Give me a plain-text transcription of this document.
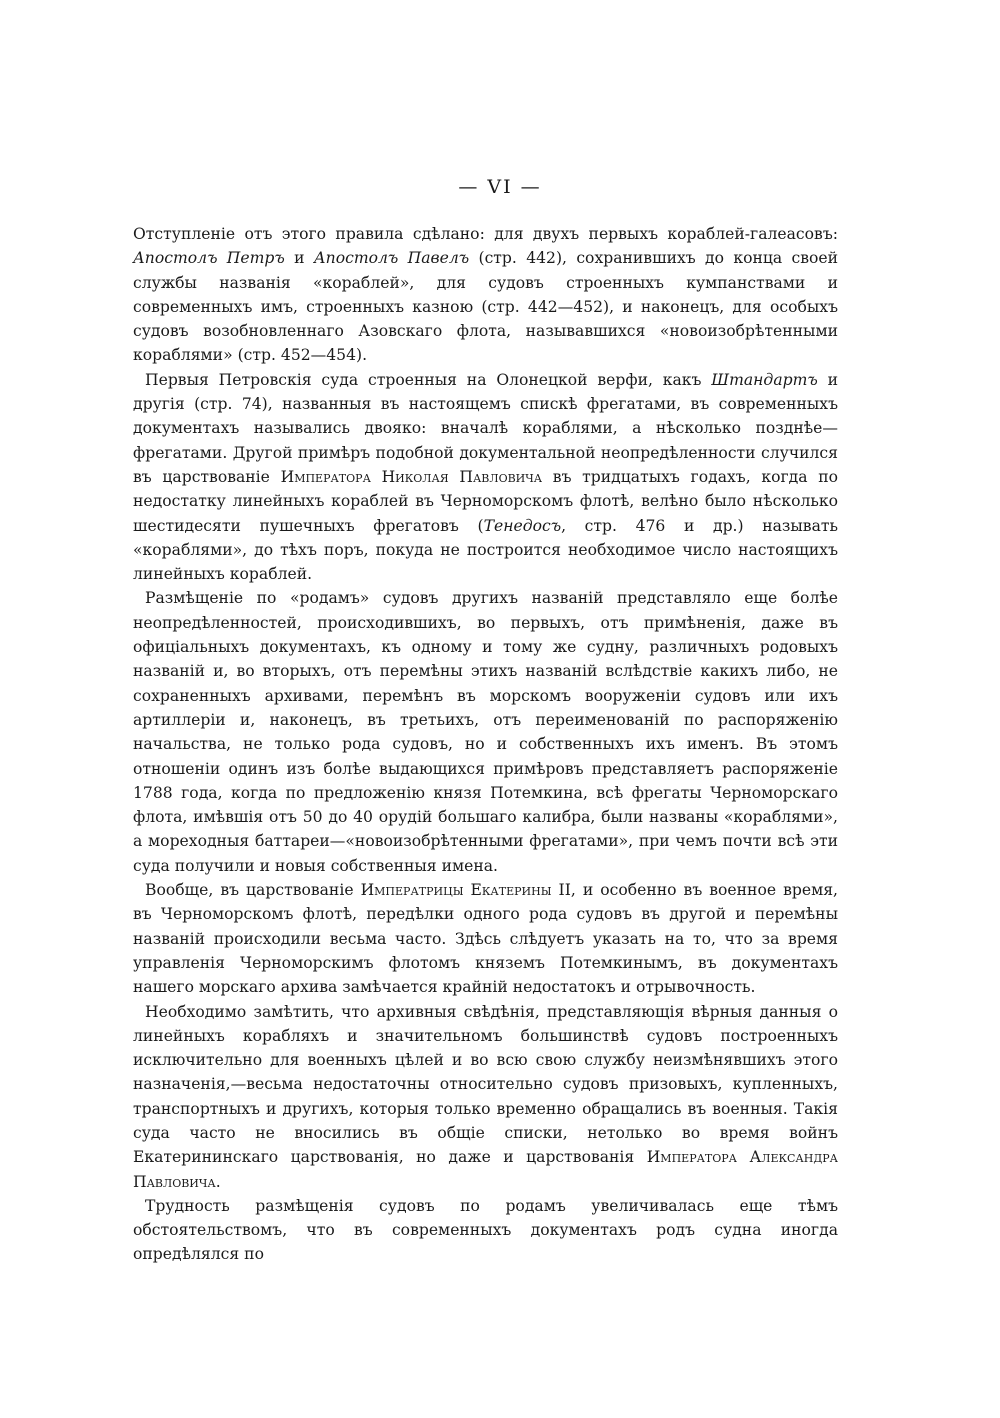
— VI —

Отступленіе отъ этого правила сдѣлано: для двухъ первыхъ кораблей-галеасовъ: Апостолъ Петръ и Апостолъ Павелъ (стр. 442), сохранившихъ до конца своей службы названія «кораблей», для судовъ строенныхъ кумпанствами и современныхъ имъ, строенныхъ казною (стр. 442—452), и наконецъ, для особыхъ судовъ возобновленнаго Азовскаго флота, называвшихся «новоизобрѣтенными кораблями» (стр. 452—454).

Первыя Петровскія суда строенныя на Олонецкой верфи, какъ Штандартъ и другія (стр. 74), названныя въ настоящемъ спискѣ фрегатами, въ современныхъ документахъ назывались двояко: вначалѣ кораблями, а нѣсколько позднѣе—фрегатами. Другой примѣръ подобной документальной неопредѣленности случился въ царствованіе Императора Николая Павловича въ тридцатыхъ годахъ, когда по недостатку линейныхъ кораблей въ Черноморскомъ флотѣ, велѣно было нѣсколько шестидесяти пушечныхъ фрегатовъ (Тенедосъ, стр. 476 и др.) называть «кораблями», до тѣхъ поръ, покуда не построится необходимое число настоящихъ линейныхъ кораблей.

Размѣщеніе по «родамъ» судовъ другихъ названій представляло еще болѣе неопредѣленностей, происходившихъ, во первыхъ, отъ примѣненія, даже въ офиціальныхъ документахъ, къ одному и тому же судну, различныхъ родовыхъ названій и, во вторыхъ, отъ перемѣны этихъ названій вслѣдствіе какихъ либо, не сохраненныхъ архивами, перемѣнъ въ морскомъ вооруженіи судовъ или ихъ артиллеріи и, наконецъ, въ третьихъ, отъ переименованій по распоряженію начальства, не только рода судовъ, но и собственныхъ ихъ именъ. Въ этомъ отношеніи одинъ изъ болѣе выдающихся примѣровъ представляетъ распоряженіе 1788 года, когда по предложенію князя Потемкина, всѣ фрегаты Черноморскаго флота, имѣвшія отъ 50 до 40 орудій большаго калибра, были названы «кораблями», а мореходныя баттареи—«новоизобрѣтенными фрегатами», при чемъ почти всѣ эти суда получили и новыя собственныя имена.

Вообще, въ царствованіе Императрицы Екатерины II, и особенно въ военное время, въ Черноморскомъ флотѣ, передѣлки одного рода судовъ въ другой и перемѣны названій происходили весьма часто. Здѣсь слѣдуетъ указать на то, что за время управленія Черноморскимъ флотомъ княземъ Потемкинымъ, въ документахъ нашего морскаго архива замѣчается крайній недостатокъ и отрывочность.

Необходимо замѣтить, что архивныя свѣдѣнія, представляющія вѣрныя данныя о линейныхъ корабляхъ и значительномъ большинствѣ судовъ построенныхъ исключительно для военныхъ цѣлей и во всю свою службу неизмѣнявшихъ этого назначенія,—весьма недостаточны относительно судовъ призовыхъ, купленныхъ, транспортныхъ и другихъ, которыя только временно обращались въ военныя. Такія суда часто не вносились въ общіе списки, нетолько во время войнъ Екатерининскаго царствованія, но даже и царствованія Императора Александра Павловича.

Трудность размѣщенія судовъ по родамъ увеличивалась еще тѣмъ обстоятельствомъ, что въ современныхъ документахъ родъ судна иногда опредѣлялся по
